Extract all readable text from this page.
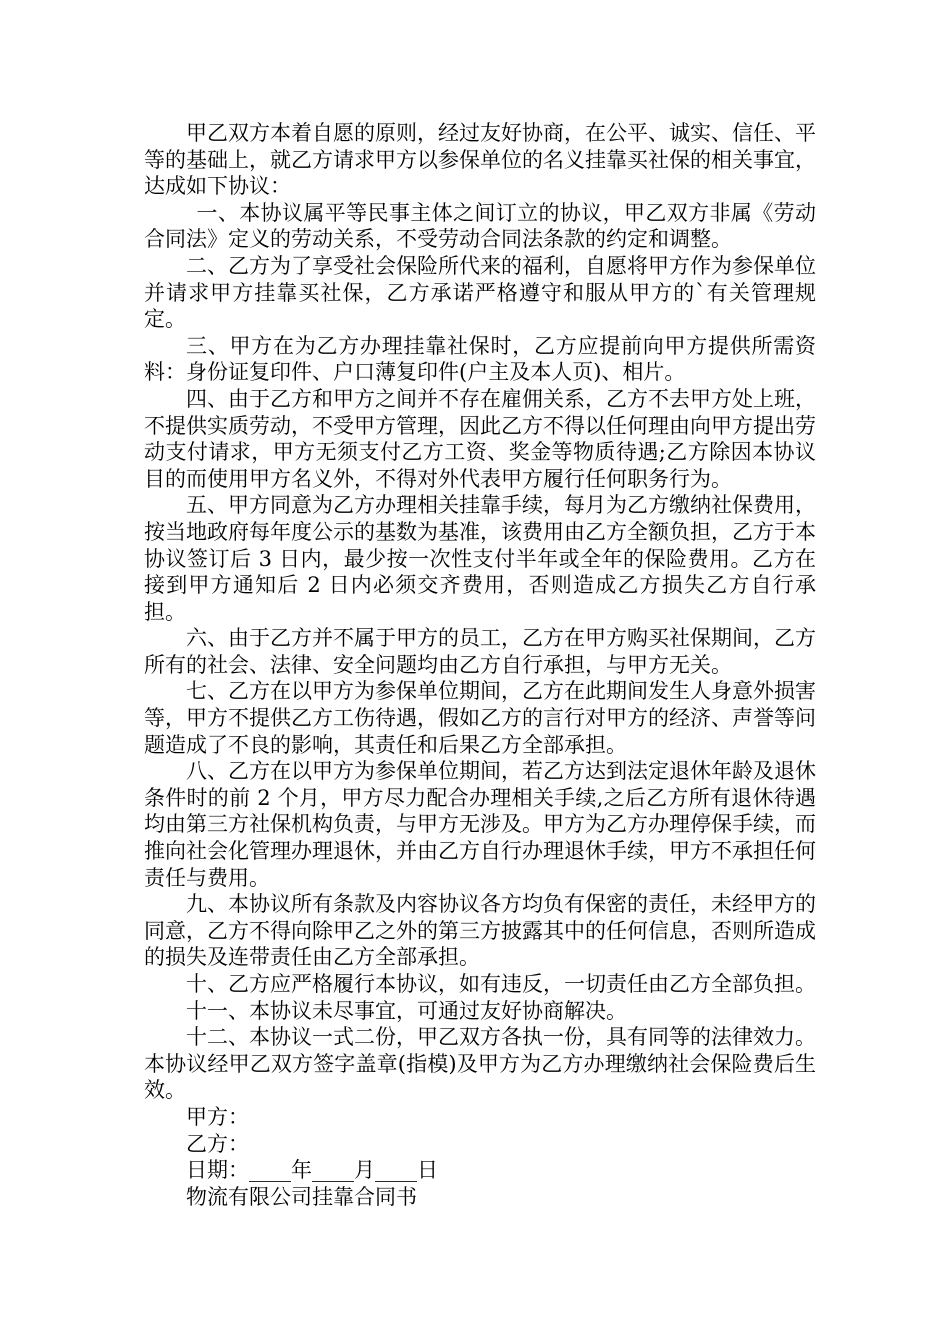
甲乙双方本着自愿的原则，经过友好协商，在公平、诚实、信任、平等的基础上，就乙方请求甲方以参保单位的名义挂靠买社保的相关事宜，达成如下协议：

一、本协议属平等民事主体之间订立的协议，甲乙双方非属《劳动合同法》定义的劳动关系，不受劳动合同法条款的约定和调整。

二、乙方为了享受社会保险所代来的福利，自愿将甲方作为参保单位并请求甲方挂靠买社保，乙方承诺严格遵守和服从甲方的`有关管理规定。

三、甲方在为乙方办理挂靠社保时，乙方应提前向甲方提供所需资料：身份证复印件、户口薄复印件(户主及本人页)、相片。

四、由于乙方和甲方之间并不存在雇佣关系，乙方不去甲方处上班，不提供实质劳动，不受甲方管理，因此乙方不得以任何理由向甲方提出劳动支付请求，甲方无须支付乙方工资、奖金等物质待遇;乙方除因本协议目的而使用甲方名义外，不得对外代表甲方履行任何职务行为。

五、甲方同意为乙方办理相关挂靠手续，每月为乙方缴纳社保费用，按当地政府每年度公示的基数为基准，该费用由乙方全额负担，乙方于本协议签订后 3 日内，最少按一次性支付半年或全年的保险费用。乙方在接到甲方通知后 2 日内必须交齐费用，否则造成乙方损失乙方自行承担。

六、由于乙方并不属于甲方的员工，乙方在甲方购买社保期间，乙方所有的社会、法律、安全问题均由乙方自行承担，与甲方无关。

七、乙方在以甲方为参保单位期间，乙方在此期间发生人身意外损害等，甲方不提供乙方工伤待遇，假如乙方的言行对甲方的经济、声誉等问题造成了不良的影响，其责任和后果乙方全部承担。

八、乙方在以甲方为参保单位期间，若乙方达到法定退休年龄及退休条件时的前 2 个月，甲方尽力配合办理相关手续,之后乙方所有退休待遇均由第三方社保机构负责，与甲方无涉及。甲方为乙方办理停保手续，而推向社会化管理办理退休，并由乙方自行办理退休手续，甲方不承担任何责任与费用。

九、本协议所有条款及内容协议各方均负有保密的责任，未经甲方的同意，乙方不得向除甲乙之外的第三方披露其中的任何信息，否则所造成的损失及连带责任由乙方全部承担。

十、乙方应严格履行本协议，如有违反，一切责任由乙方全部负担。

十一、本协议未尽事宜，可通过友好协商解决。

十二、本协议一式二份，甲乙双方各执一份，具有同等的法律效力。本协议经甲乙双方签字盖章(指模)及甲方为乙方办理缴纳社会保险费后生效。

甲方：

乙方：

日期：____年____月____日

物流有限公司挂靠合同书
